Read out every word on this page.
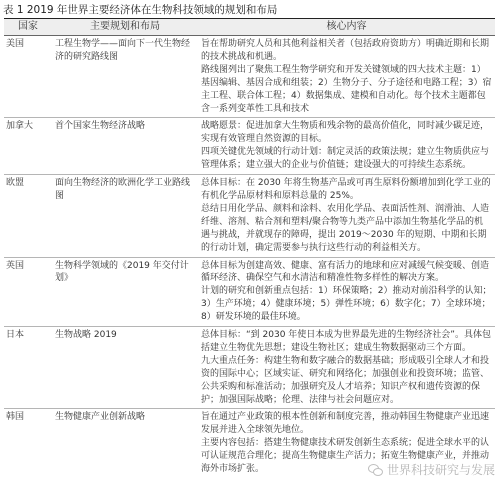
表 1 2019 年世界主要经济体在生物科技领域的规划和布局
国家	主要规划和布局	核心内容
美国	工程生物学——面向下一代生物经济的研究路线图	旨在帮助研究人员和其他利益相关者（包括政府资助方）明确近期和长期的技术挑战和机遇。

路线图列出了聚焦工程生物学研究和开发关键领域的四大技术主题：1）基因编辑、基因合成和组装；2）生物分子、分子途径和电路工程；3）宿主工程、联合体工程；4）数据集成、建模和自动化。每个技术主题都包含一系列变革性工具和技术

加拿大	首个国家生物经济战略	战略愿景：促进加拿大生物质和残余物的最高价值化，同时减少碳足迹，实现有效管理自然资源的目标。

四项关键优先领域的行动计划：制定灵活的政策法规；建立生物质供应与管理体系；建立强大的企业与价值链；建设强大的可持续生态系统。

欧盟	面向生物经济的欧洲化学工业路线图	总体目标：在 2030 年将生物基产品或可再生原料份额增加到化学工业的有机化学品原材料和原料总量的 25%。

总结日用化学品、颜料和涂料、农用化学品、表面活性剂、润滑油、人造纤维、溶剂、粘合剂和塑料/聚合物等九类产品中添加生物基化学品的机遇与挑战，并就现存的障碍，提出 2019～2030 年的短期、中期和长期的行动计划，确定需要参与执行这些行动的利益相关方。

英国	生物科学领域的《2019 年交付计划》	总体目标为创建高效、健康、富有活力的地球和应对减缓气候变暖、创造循环经济、确保空气和水清洁和精准性物多样性的解决方案。

计划的研究和创新重点包括：1）环保策略；2）推动对前沿科学的认知；3）生产环境；4）健康环境；5）弹性环境；6）数字化；7）全球环境；8）研发环境的最佳环境。

日本	生物战略 2019	总体目标：“到 2030 年使日本成为世界最先进的生物经济社会”。具体包括建立生物优先思想；建设生物社区；建成生物数据驱动三个方面。

九大重点任务：构建生物和数字融合的数据基础；形成吸引全球人才和投资的国际中心；区域实证、研究和网络化；加强创业和投资环境；监管、公共采购和标准活动；加强研究及人才培养；知识产权和遗传资源的保护；加强国际战略；伦理、法律与社会问题应对。

韩国	生物健康产业创新战略	旨在通过产业政策的根本性创新和制度完善，推动韩国生物健康产业迅速发展并进入全球领先地位。

主要内容包括：搭建生物健康技术研发创新生态系统；促进全球水平的认可认证规范合理化；提高生物健康生产活力；拓宽生物健康产业，并推动海外市场扩张。	世界科技研究与发展
